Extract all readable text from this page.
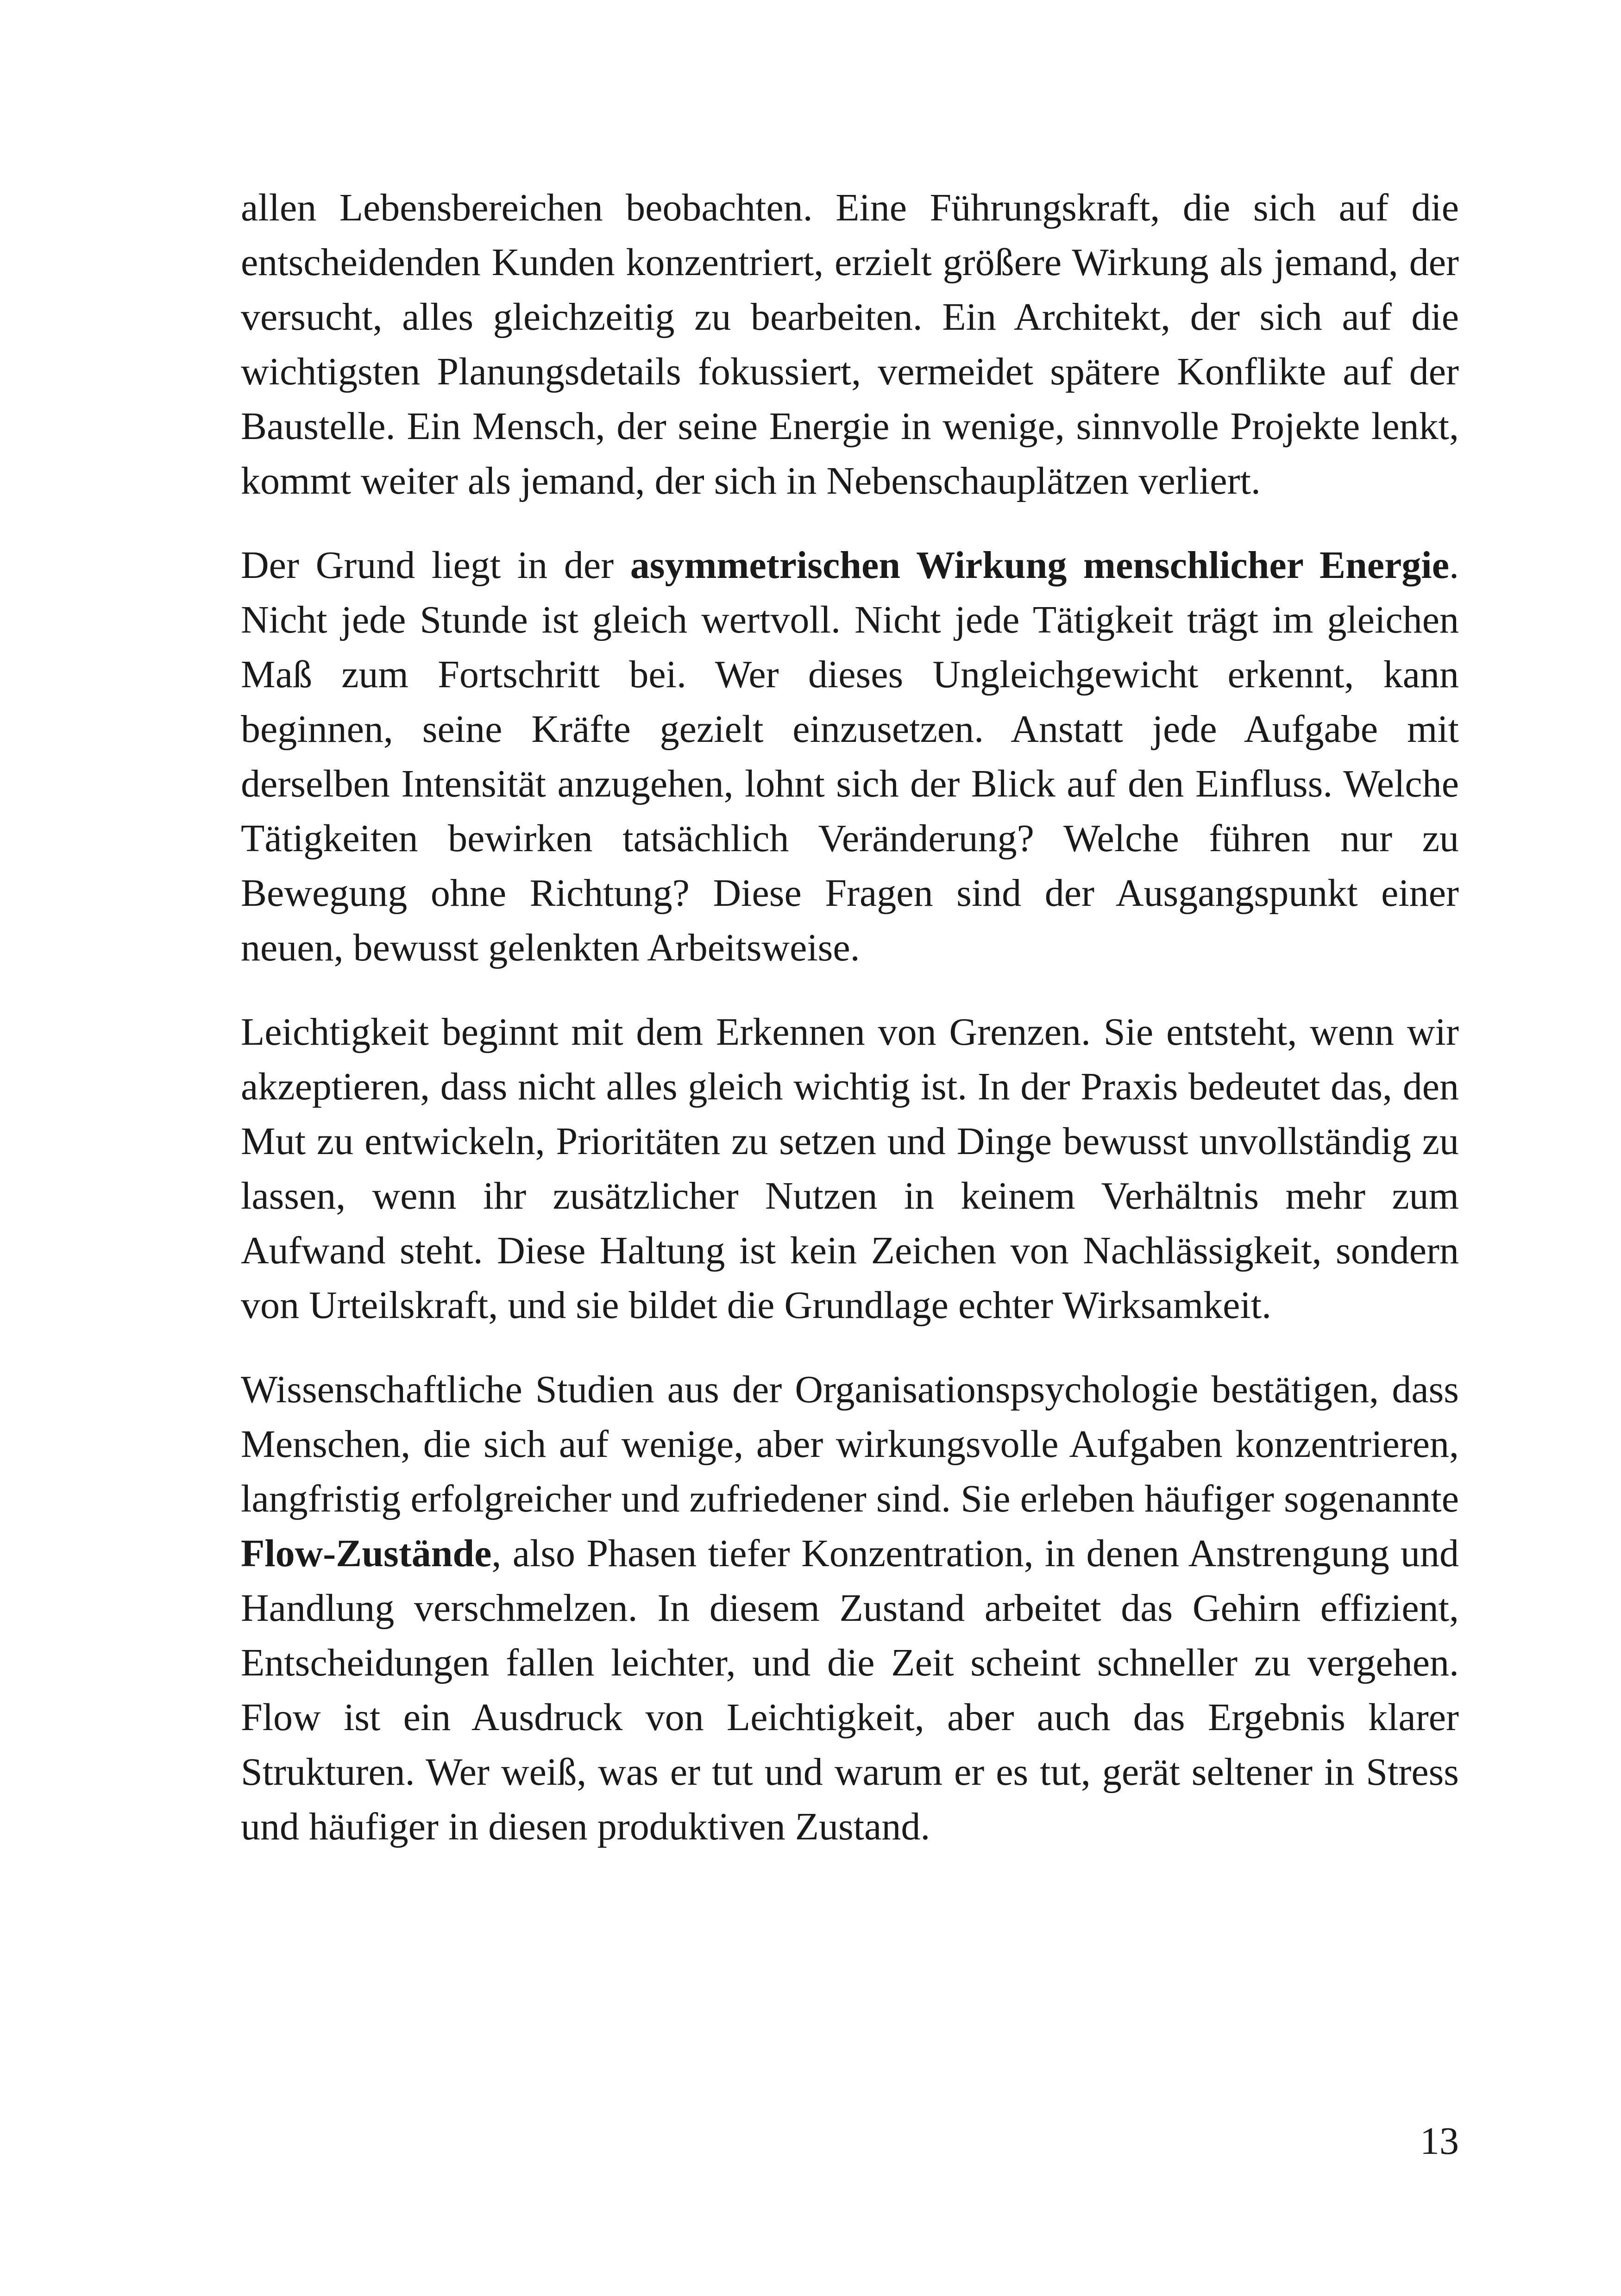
allen Lebensbereichen beobachten. Eine Führungskraft, die sich auf die entscheidenden Kunden konzentriert, erzielt größere Wirkung als jemand, der versucht, alles gleichzeitig zu bearbeiten. Ein Architekt, der sich auf die wichtigsten Planungsdetails fokussiert, vermeidet spätere Konflikte auf der Baustelle. Ein Mensch, der seine Energie in wenige, sinnvolle Projekte lenkt, kommt weiter als jemand, der sich in Nebenschauplätzen verliert.

Der Grund liegt in der asymmetrischen Wirkung menschlicher Energie. Nicht jede Stunde ist gleich wertvoll. Nicht jede Tätigkeit trägt im gleichen Maß zum Fortschritt bei. Wer dieses Ungleichgewicht erkennt, kann beginnen, seine Kräfte gezielt einzusetzen. Anstatt jede Aufgabe mit derselben Intensität anzugehen, lohnt sich der Blick auf den Einfluss. Welche Tätigkeiten bewirken tatsächlich Veränderung? Welche führen nur zu Bewegung ohne Richtung? Diese Fragen sind der Ausgangspunkt einer neuen, bewusst gelenkten Arbeitsweise.

Leichtigkeit beginnt mit dem Erkennen von Grenzen. Sie entsteht, wenn wir akzeptieren, dass nicht alles gleich wichtig ist. In der Praxis bedeutet das, den Mut zu entwickeln, Prioritäten zu setzen und Dinge bewusst unvollständig zu lassen, wenn ihr zusätzlicher Nutzen in keinem Verhältnis mehr zum Aufwand steht. Diese Haltung ist kein Zeichen von Nachlässigkeit, sondern von Urteilskraft, und sie bildet die Grundlage echter Wirksamkeit.

Wissenschaftliche Studien aus der Organisationspsychologie bestätigen, dass Menschen, die sich auf wenige, aber wirkungsvolle Aufgaben konzentrieren, langfristig erfolgreicher und zufriedener sind. Sie erleben häufiger sogenannte Flow-Zustände, also Phasen tiefer Konzentration, in denen Anstrengung und Handlung verschmelzen. In diesem Zustand arbeitet das Gehirn effizient, Entscheidungen fallen leichter, und die Zeit scheint schneller zu vergehen. Flow ist ein Ausdruck von Leichtigkeit, aber auch das Ergebnis klarer Strukturen. Wer weiß, was er tut und warum er es tut, gerät seltener in Stress und häufiger in diesen produktiven Zustand.

13
